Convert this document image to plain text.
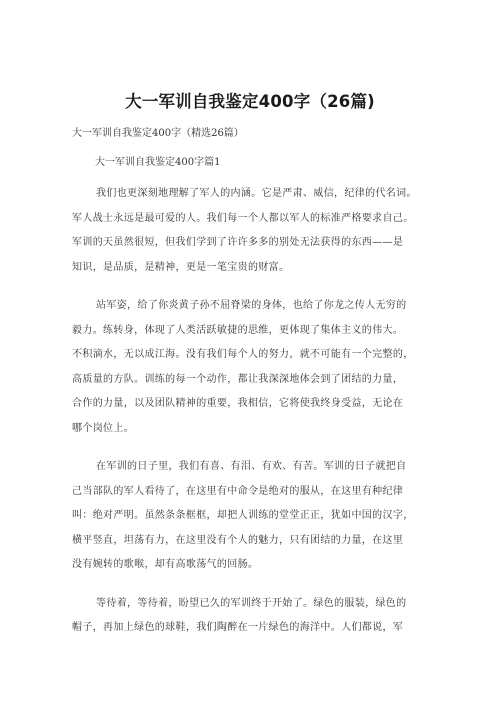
大一军训自我鉴定400字（26篇)
大一军训自我鉴定400字（精选26篇）
大一军训自我鉴定400字篇1
我们也更深刻地理解了军人的内涵。它是严肃、威信，纪律的代名词。
军人战士永远是最可爱的人。我们每一个人都以军人的标准严格要求自己。
军训的天虽然很短，但我们学到了许许多多的别处无法获得的东西——是
知识，是品质，是精神，更是一笔宝贵的财富。
站军姿，给了你炎黄子孙不屈脊梁的身体，也给了你龙之传人无穷的
毅力。练转身，体现了人类活跃敏捷的思维，更体现了集体主义的伟大。
不积滴水，无以成江海。没有我们每个人的努力，就不可能有一个完整的，
高质量的方队。训练的每一个动作，都让我深深地体会到了团结的力量，
合作的力量，以及团队精神的重要，我相信，它将使我终身受益，无论在
哪个岗位上。
在军训的日子里，我们有喜、有泪、有欢、有苦。军训的日子就把自
己当部队的军人看待了，在这里有中命令是绝对的服从，在这里有种纪律
叫：绝对严明。虽然条条框框，却把人训练的堂堂正正，犹如中国的汉字，
横平竖直，坦荡有力，在这里没有个人的魅力，只有团结的力量，在这里
没有婉转的歌喉，却有高歌荡气的回肠。
等待着，等待着，盼望已久的军训终于开始了。绿色的服装，绿色的
帽子，再加上绿色的球鞋，我们陶醉在一片绿色的海洋中。人们都说，军
